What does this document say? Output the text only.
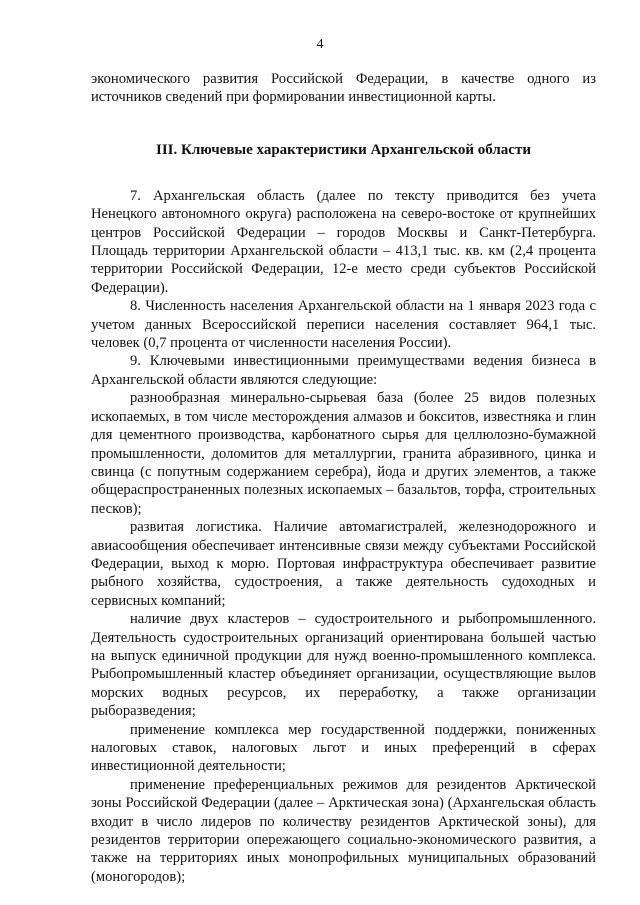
4

экономического развития Российской Федерации, в качестве одного из источников сведений при формировании инвестиционной карты.

III. Ключевые характеристики Архангельской области

7. Архангельская область (далее по тексту приводится без учета Ненецкого автономного округа) расположена на северо-востоке от крупнейших центров Российской Федерации – городов Москвы и Санкт-Петербурга. Площадь территории Архангельской области – 413,1 тыс. кв. км (2,4 процента территории Российской Федерации, 12-е место среди субъектов Российской Федерации).

8. Численность населения Архангельской области на 1 января 2023 года с учетом данных Всероссийской переписи населения составляет 964,1 тыс. человек (0,7 процента от численности населения России).

9. Ключевыми инвестиционными преимуществами ведения бизнеса в Архангельской области являются следующие:

разнообразная минерально-сырьевая база (более 25 видов полезных ископаемых, в том числе месторождения алмазов и бокситов, известняка и глин для цементного производства, карбонатного сырья для целлюлозно-бумажной промышленности, доломитов для металлургии, гранита абразивного, цинка и свинца (с попутным содержанием серебра), йода и других элементов, а также общераспространенных полезных ископаемых – базальтов, торфа, строительных песков);

развитая логистика. Наличие автомагистралей, железнодорожного и авиасообщения обеспечивает интенсивные связи между субъектами Российской Федерации, выход к морю. Портовая инфраструктура обеспечивает развитие рыбного хозяйства, судостроения, а также деятельность судоходных и сервисных компаний;

наличие двух кластеров – судостроительного и рыбопромышленного. Деятельность судостроительных организаций ориентирована большей частью на выпуск единичной продукции для нужд военно-промышленного комплекса. Рыбопромышленный кластер объединяет организации, осуществляющие вылов морских водных ресурсов, их переработку, а также организации рыборазведения;

применение комплекса мер государственной поддержки, пониженных налоговых ставок, налоговых льгот и иных преференций в сферах инвестиционной деятельности;

применение преференциальных режимов для резидентов Арктической зоны Российской Федерации (далее – Арктическая зона) (Архангельская область входит в число лидеров по количеству резидентов Арктической зоны), для резидентов территории опережающего социально-экономического развития, а также на территориях иных монопрофильных муниципальных образований (моногородов);
